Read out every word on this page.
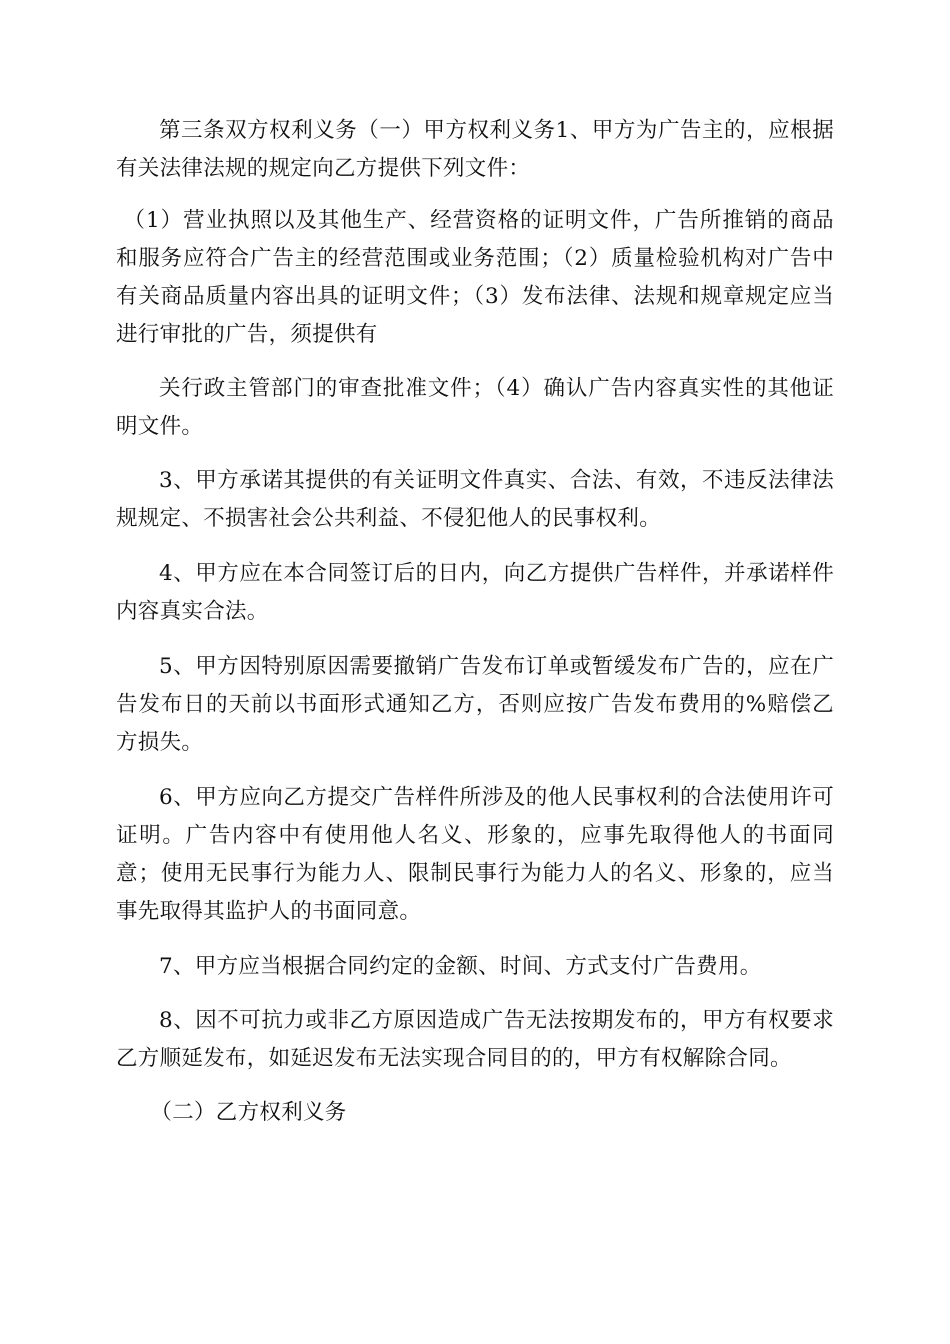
第三条双方权利义务（一）甲方权利义务1、甲方为广告主的，应根据有关法律法规的规定向乙方提供下列文件：

（1）营业执照以及其他生产、经营资格的证明文件，广告所推销的商品和服务应符合广告主的经营范围或业务范围；（2）质量检验机构对广告中有关商品质量内容出具的证明文件；（3）发布法律、法规和规章规定应当进行审批的广告，须提供有

关行政主管部门的审查批准文件；（4）确认广告内容真实性的其他证明文件。

3、甲方承诺其提供的有关证明文件真实、合法、有效，不违反法律法规规定、不损害社会公共利益、不侵犯他人的民事权利。

4、甲方应在本合同签订后的日内，向乙方提供广告样件，并承诺样件内容真实合法。

5、甲方因特别原因需要撤销广告发布订单或暂缓发布广告的，应在广告发布日的天前以书面形式通知乙方，否则应按广告发布费用的%赔偿乙方损失。

6、甲方应向乙方提交广告样件所涉及的他人民事权利的合法使用许可证明。广告内容中有使用他人名义、形象的，应事先取得他人的书面同意；使用无民事行为能力人、限制民事行为能力人的名义、形象的，应当事先取得其监护人的书面同意。

7、甲方应当根据合同约定的金额、时间、方式支付广告费用。

8、因不可抗力或非乙方原因造成广告无法按期发布的，甲方有权要求乙方顺延发布，如延迟发布无法实现合同目的的，甲方有权解除合同。

（二）乙方权利义务
